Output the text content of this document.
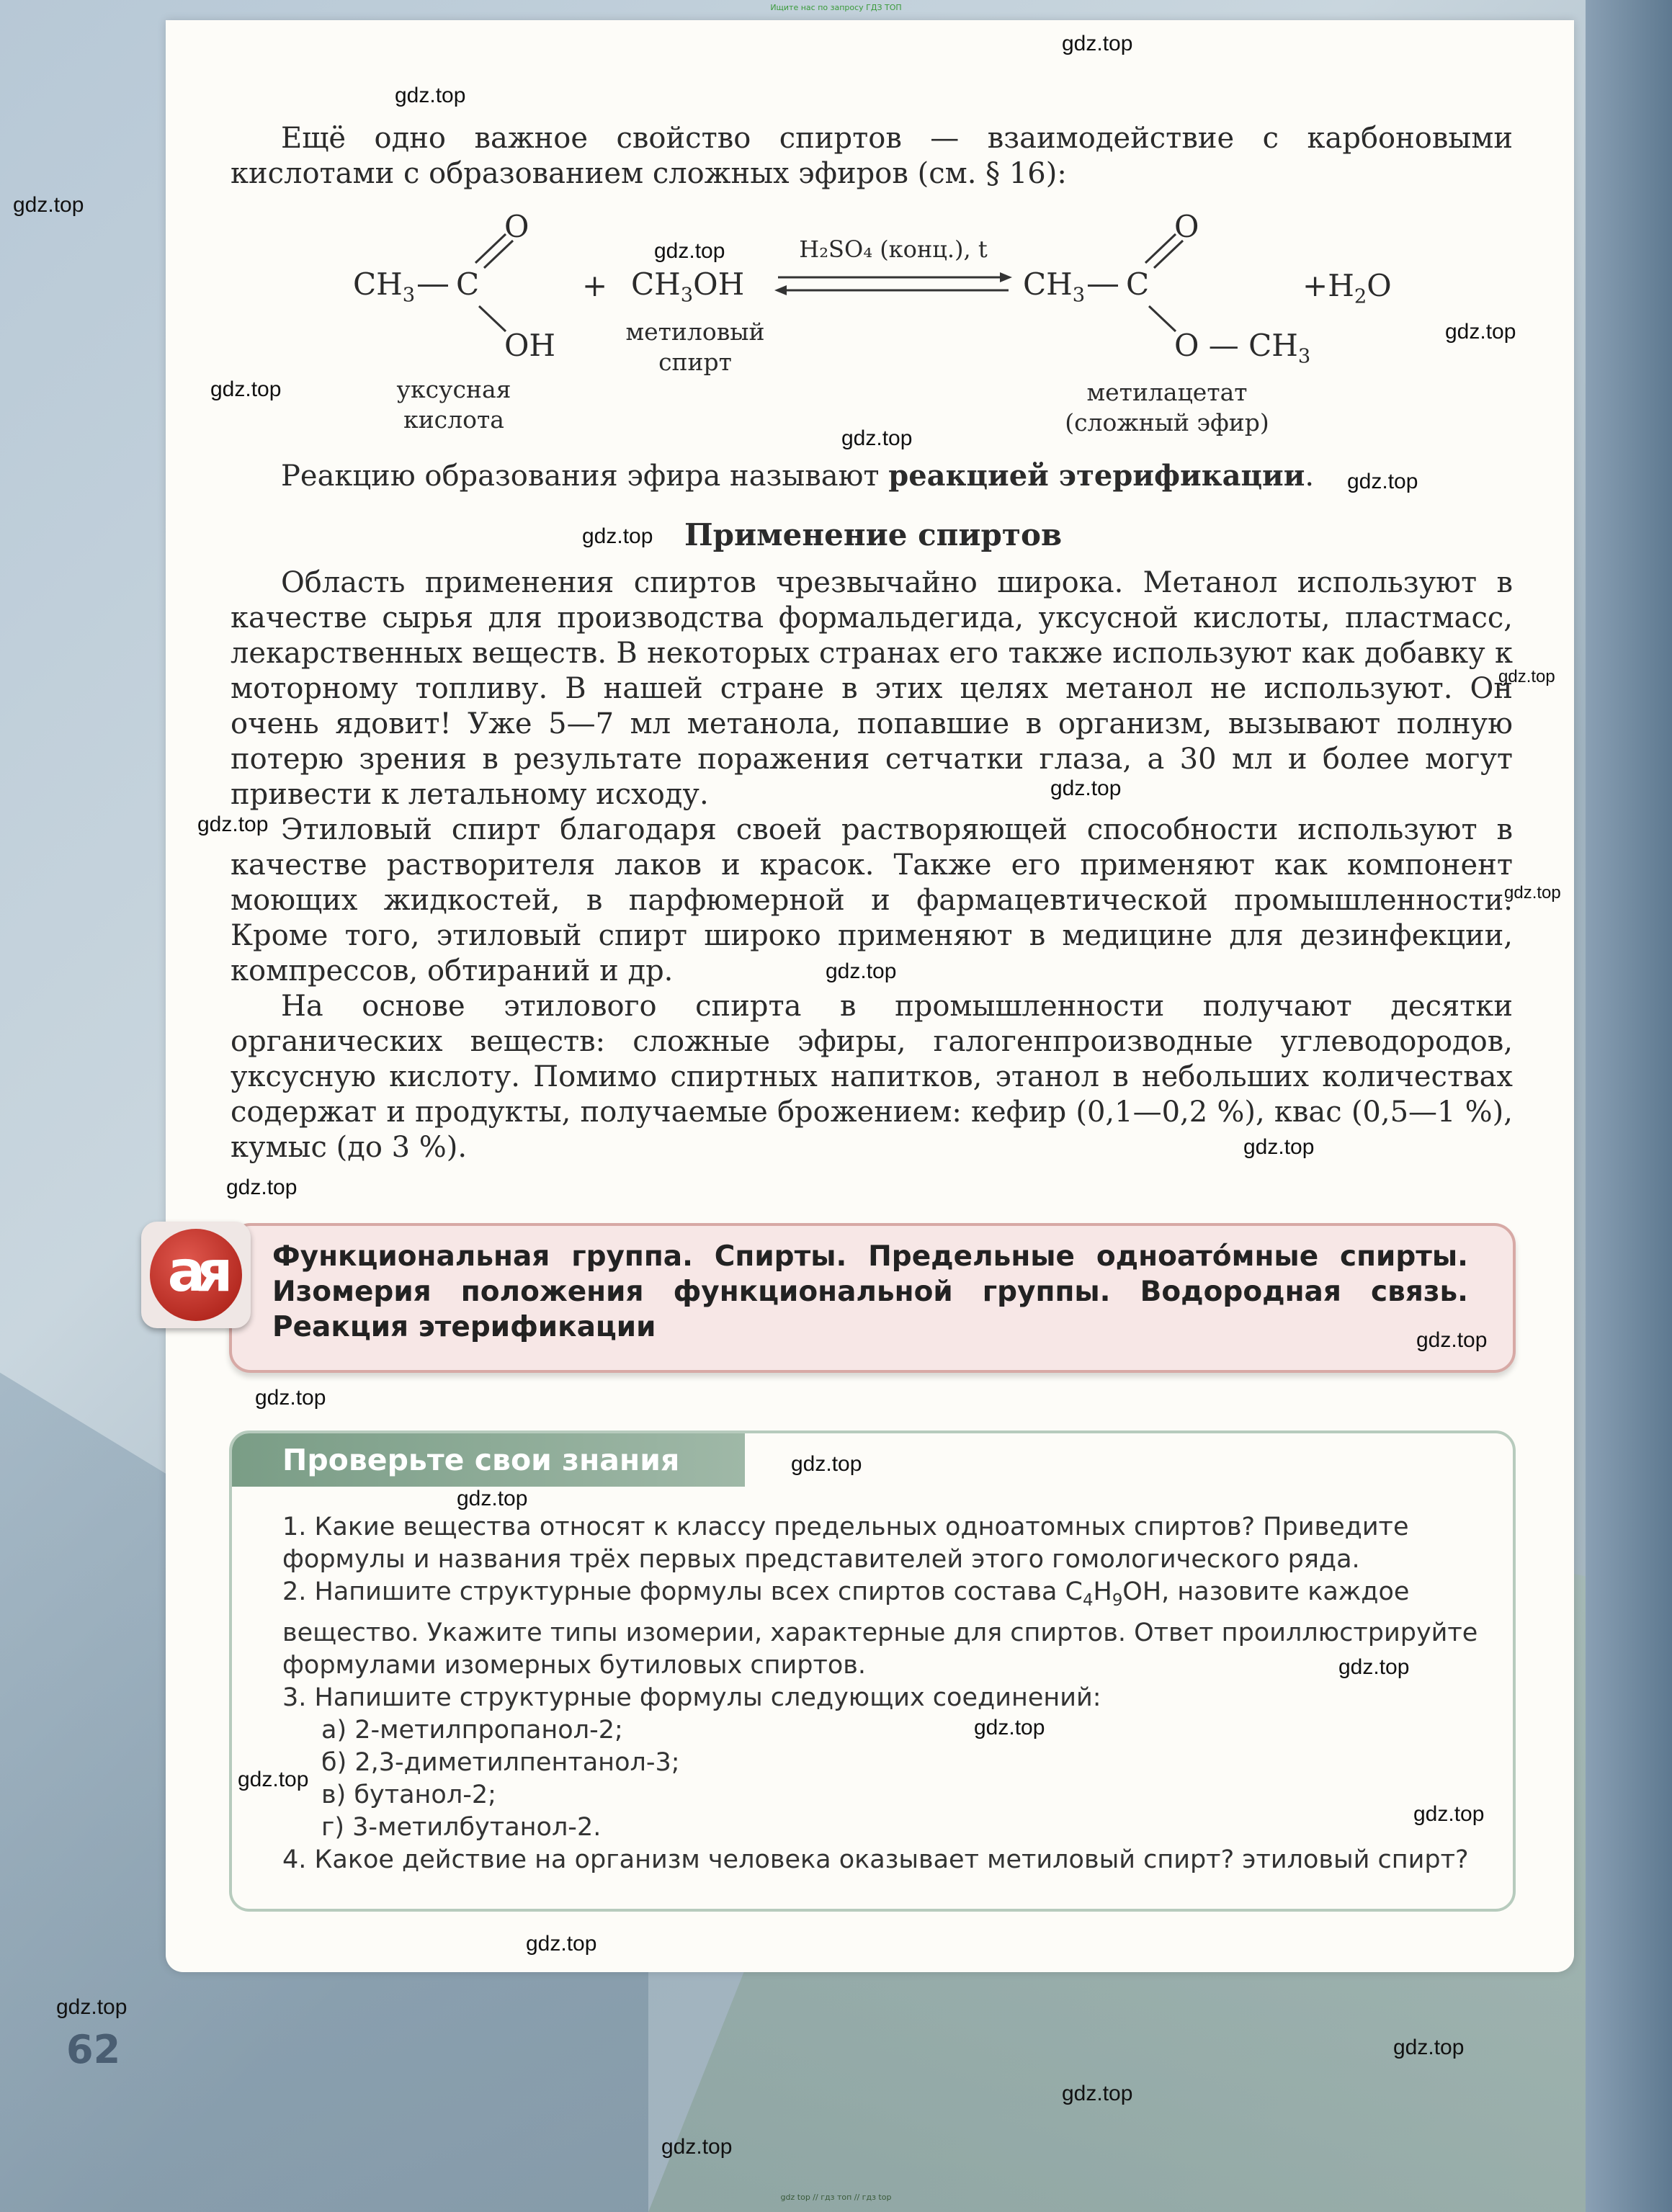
Ищите нас по запросу ГДЗ ТОП

Ещё одно важное свойство спиртов — взаимодействие с карбоновыми кислотами с образованием сложных эфиров (см. § 16):

$CH_3$ C
O
OH
+ $CH_3OH$
H₂SO₄ (конц.), t
$CH_3$ C
O
O — $CH_3$
$+H_2O$
уксусная
кислота
метиловый
спирт
метилацетат
(сложный эфир)

Реакцию образования эфира называют реакцией этерификации.

Применение спиртов

Область применения спиртов чрезвычайно широка. Метанол используют в качестве сырья для производства формальдегида, уксусной кислоты, пластмасс, лекарственных веществ. В некоторых странах его также используют как добавку к моторному топливу. В нашей стране в этих целях метанол не используют. Он очень ядовит! Уже 5—7 мл метанола, попавшие в организм, вызывают полную потерю зрения в результате поражения сетчатки глаза, а 30 мл и более могут привести к летальному исходу.

Этиловый спирт благодаря своей растворяющей способности используют в качестве растворителя лаков и красок. Также его применяют как компонент моющих жидкостей, в парфюмерной и фармацевтической промышленности. Кроме того, этиловый спирт широко применяют в медицине для дезинфекции, компрессов, обтираний и др.

На основе этилового спирта в промышленности получают десятки органических веществ: сложные эфиры, галогенпроизводные углеводородов, уксусную кислоту. Помимо спиртных напитков, этанол в небольших количествах содержат и продукты, получаемые брожением: кефир (0,1—0,2 %), квас (0,5—1 %), кумыс (до 3 %).

Функциональная группа. Спирты. Предельные одноато́мные спирты. Изомерия положения функциональной группы. Водородная связь. Реакция этерификации
ая
Проверьте свои знания
1. Какие вещества относят к классу предельных одноатомных спиртов? Приведите формулы и названия трёх первых представителей этого гомологического ряда.
2. Напишите структурные формулы всех спиртов состава $C_4H_9OH$, назовите каждое вещество. Укажите типы изомерии, характерные для спиртов. Ответ проиллюстрируйте формулами изомерных бутиловых спиртов.
3. Напишите структурные формулы следующих соединений:
а) 2-метилпропанол-2;
б) 2,3-диметилпентанол-3;
в) бутанол-2;
г) 3-метилбутанол-2.
4. Какое действие на организм человека оказывает метиловый спирт? этиловый спирт?
62
gdz.top
gdz.top
gdz.top
gdz.top
gdz.top
gdz.top
gdz.top
gdz.top
gdz.top
gdz.top
gdz.top
gdz.top
gdz.top
gdz.top
gdz.top
gdz.top
gdz.top
gdz.top
gdz.top
gdz.top
gdz.top
gdz.top
gdz.top
gdz.top
gdz.top
gdz.top
gdz.top
gdz.top
gdz.top
gdz top // гдз топ // гдз top
